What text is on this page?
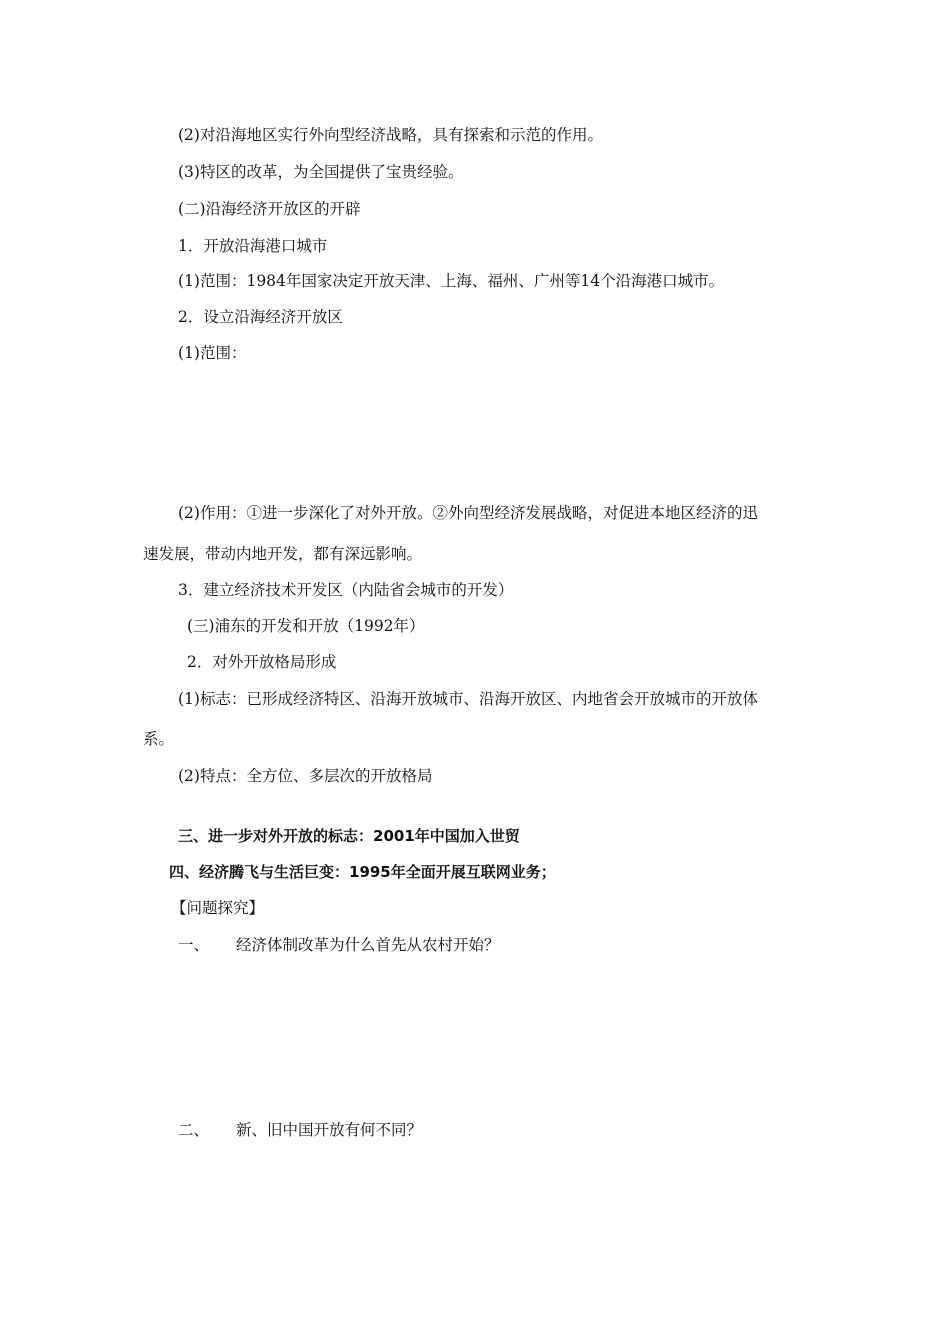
(2)对沿海地区实行外向型经济战略，具有探索和示范的作用。
(3)特区的改革，为全国提供了宝贵经验。
(二)沿海经济开放区的开辟
1．开放沿海港口城市
(1)范围：1984年国家决定开放天津、上海、福州、广州等14个沿海港口城市。
2．设立沿海经济开放区
(1)范围：
(2)作用：①进一步深化了对外开放。②外向型经济发展战略，对促进本地区经济的迅
速发展，带动内地开发，都有深远影响。
3．建立经济技术开发区（内陆省会城市的开发）
(三)浦东的开发和开放（1992年）
2．对外开放格局形成
(1)标志：已形成经济特区、沿海开放城市、沿海开放区、内地省会开放城市的开放体
系。
(2)特点：全方位、多层次的开放格局
三、进一步对外开放的标志：2001年中国加入世贸
四、经济腾飞与生活巨变：1995年全面开展互联网业务；
【问题探究】
一、 经济体制改革为什么首先从农村开始？
二、 新、旧中国开放有何不同？
